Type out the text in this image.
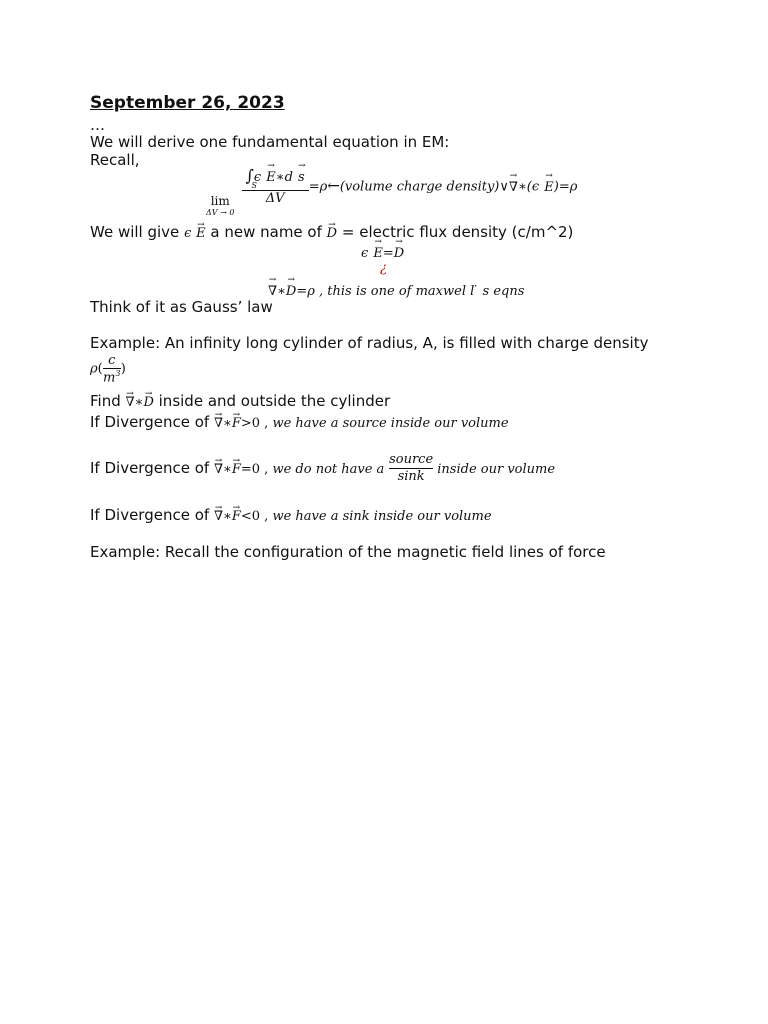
September 26, 2023
…
We will derive one fundamental equation in EM:
Recall,
lim
ΔV → 0

∫ϵ → E∗d → s
S
ΔV =ρ←(volume charge density)∨→ ∇∗(ϵ → E)=ρ
We will give ϵ → E a new name of → D = electric flux density (c/m^2)
ϵ → E=→ D
¿
→ ∇∗→ D=ρ , this is one of maxwel l ̇ s eqns
Think of it as Gauss’ law
Example: An infinity long cylinder of radius, A, is filled with charge density
$\rho( \frac{c}{m^3}$ )
Find → ∇∗→ D inside and outside the cylinder
If Divergence of → ∇∗→ F>0 , we have a source inside our volume
If Divergence of → ∇∗→ F=0 , we do not have a $\frac{\text{source}}{\sin k}$ inside our volume
If Divergence of → ∇∗→ F<0 , we have a sink inside our volume
Example: Recall the configuration of the magnetic field lines of force
